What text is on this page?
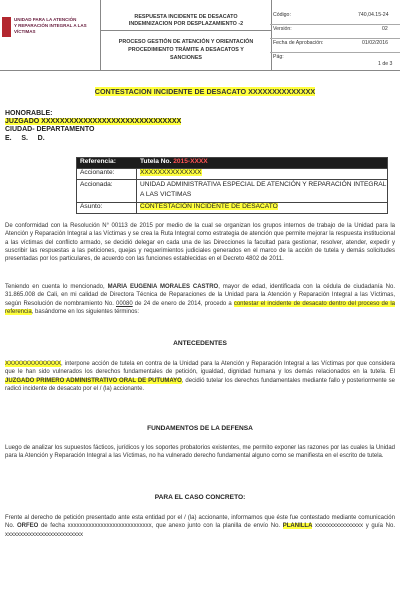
UNIDAD PARA LA ATENCIÓN
Y REPARACIÓN INTEGRAL A LAS VÍCTIMAS
RESPUESTA INCIDENTE DE DESACATO
INDEMNIZACION POR DESPLAZAMIENTO -2
PROCESO GESTIÓN DE ATENCIÓN Y ORIENTACIÓN
PROCEDIMIENTO TRÁMITE A DESACATOS Y
SANCIONES
Código:	740,04.15-24
Versión:	02
Fecha de Aprobación:	01/02/2016
Pág:
1 de 3
CONTESTACION INCIDENTE DE DESACATO XXXXXXXXXXXXXX
HONORABLE:
JUZGADO XXXXXXXXXXXXXXXXXXXXXXXXXXXXXX
CIUDAD- DEPARTAMENTO
E.     S.     D.
Referencia:	Tutela No. 2015-XXXX
Accionante:	XXXXXXXXXXXXXX
Accionada:	UNIDAD ADMINISTRATIVA ESPECIAL DE ATENCIÓN Y REPARACIÓN INTEGRAL A LAS VICTIMAS
Asunto:	CONTESTACIÓN INCIDENTE DE DESACATO
De conformidad con la Resolución N° 00113 de 2015 por medio de la cual se organizan los grupos internos de trabajo de la Unidad para la Atención y Reparación Integral a las Víctimas y se crea la Ruta Integral como estrategia de atención que permite mejorar la respuesta institucional a las víctimas del conflicto armado, se decidió delegar en cada una de las Direcciones la facultad para gestionar, resolver, atender, expedir y suscribir las respuestas a las peticiones, quejas y requerimientos judiciales generados en el marco de la acción de tutela y demás solicitudes presentadas por los particulares, de acuerdo con las funciones establecidas en el Decreto 4802 de 2011.
Teniendo en cuenta lo mencionado, MARIA EUGENIA MORALES CASTRO, mayor de edad, identificada con la cédula de ciudadanía No. 31.865.008 de Cali, en mi calidad de Directora Técnica de Reparaciones de la Unidad para la Atención y Reparación Integral a las Víctimas, según Resolución de nombramiento No. 00080 de 24 de enero de 2014, procedo a contestar el incidente de desacato dentro del proceso de la referencia, basándome en los siguientes términos:
ANTECEDENTES
XXXXXXXXXXXXXX, interpone acción de tutela en contra de la Unidad para la Atención y Reparación Integral a las Víctimas por que considera que le han sido vulnerados los derechos fundamentales de petición, igualdad, dignidad humana y los demás relacionados en la tutela. El JUZGADO PRIMERO ADMINISTRATIVO ORAL DE PUTUMAYO, decidió tutelar los derechos fundamentales mediante fallo y posteriormente se radicó incidente de desacato por el / (la) accionante.
FUNDAMENTOS DE LA DEFENSA
Luego de analizar los supuestos fácticos, jurídicos y los soportes probatorios existentes, me permito exponer las razones por las cuales la Unidad para la Atención y Reparación Integral a las Víctimas, no ha vulnerado derecho fundamental alguno como se manifiesta en el escrito de tutela.
PARA EL CASO CONCRETO:
Frente al derecho de petición presentado ante esta entidad por el / (la) accionante, informamos que éste fue contestado mediante comunicación No. ORFEO de fecha xxxxxxxxxxxxxxxxxxxxxxxxxxxx, que anexo junto con la planilla de envío No. PLANILLA xxxxxxxxxxxxxxxx y guía No. xxxxxxxxxxxxxxxxxxxxxxxxxx
